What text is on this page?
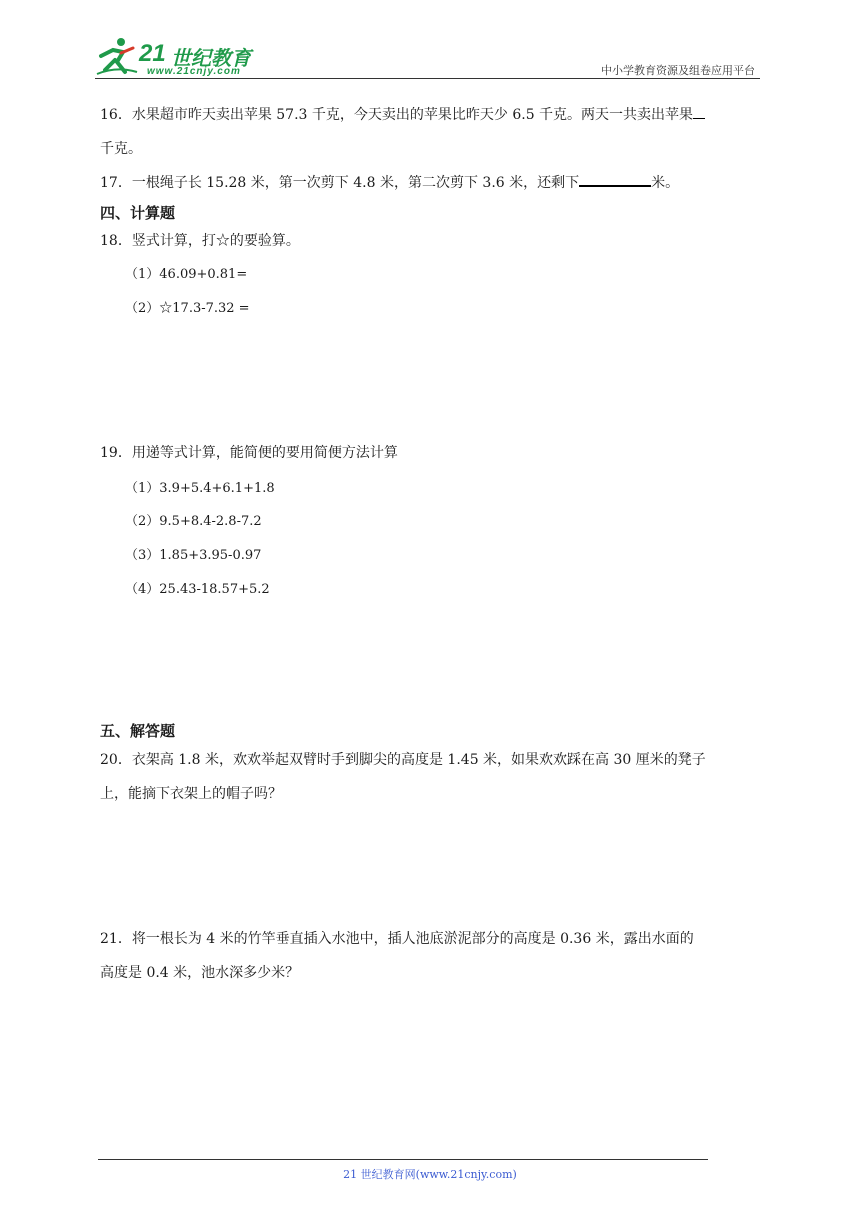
21 世纪教育
www.21cnjy.com	中小学教育资源及组卷应用平台
16．水果超市昨天卖出苹果 57.3 千克，今天卖出的苹果比昨天少 6.5 千克。两天一共卖出苹果
千克。
17．一根绳子长 15.28 米，第一次剪下 4.8 米，第二次剪下 3.6 米，还剩下	米。
四、计算题
18．竖式计算，打☆的要验算。
（1）46.09+0.81=
（2）☆17.3-7.32 =
19．用递等式计算，能简便的要用简便方法计算
（1）3.9+5.4+6.1+1.8
（2）9.5+8.4-2.8-7.2
（3）1.85+3.95-0.97
（4）25.43-18.57+5.2
五、解答题
20．衣架高 1.8 米，欢欢举起双臂时手到脚尖的高度是 1.45 米，如果欢欢踩在高 30 厘米的凳子
上，能摘下衣架上的帽子吗？
21．将一根长为 4 米的竹竿垂直插入水池中，插人池底淤泥部分的高度是 0.36 米，露出水面的
高度是 0.4 米，池水深多少米？
21 世纪教育网(www.21cnjy.com)
